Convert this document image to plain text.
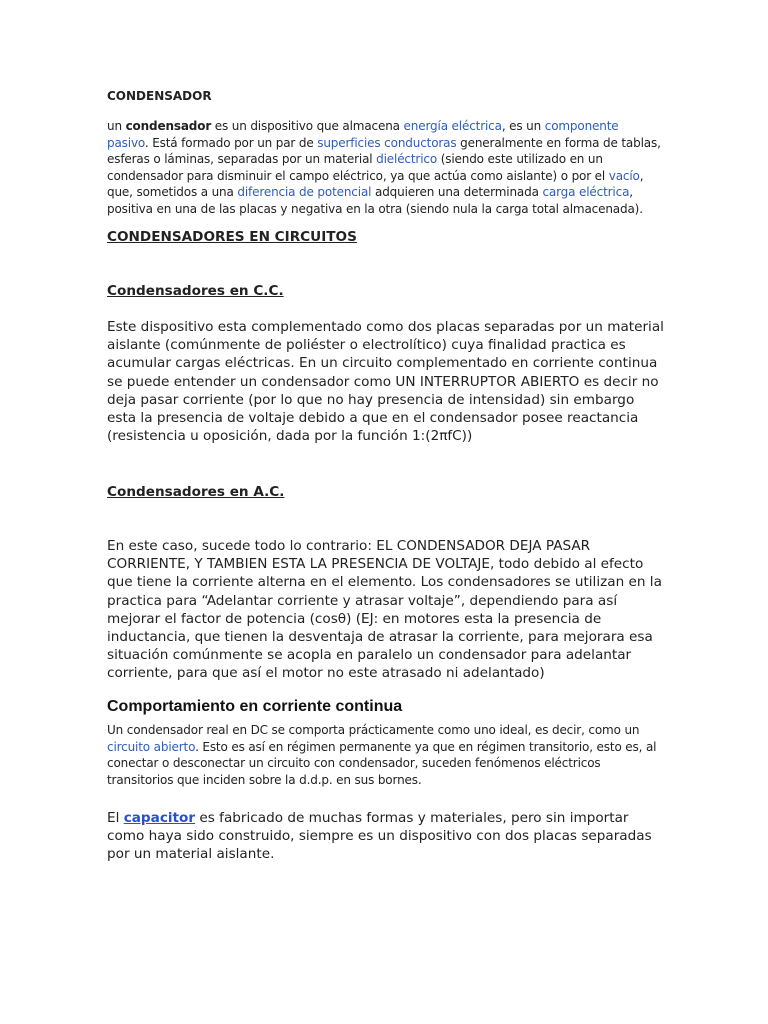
CONDENSADOR

un condensador es un dispositivo que almacena energía eléctrica, es un componente pasivo. Está formado por un par de superficies conductoras generalmente en forma de tablas, esferas o láminas, separadas por un material dieléctrico (siendo este utilizado en un condensador para disminuir el campo eléctrico, ya que actúa como aislante) o por el vacío, que, sometidos a una diferencia de potencial adquieren una determinada carga eléctrica, positiva en una de las placas y negativa en la otra (siendo nula la carga total almacenada).

CONDENSADORES EN CIRCUITOS
Condensadores en C.C.

Este dispositivo esta complementado como dos placas separadas por un material aislante (comúnmente de poliéster o electrolítico) cuya finalidad practica es acumular cargas eléctricas. En un circuito complementado en corriente continua se puede entender un condensador como UN INTERRUPTOR ABIERTO es decir no deja pasar corriente (por lo que no hay presencia de intensidad) sin embargo esta la presencia de voltaje debido a que en el condensador posee reactancia (resistencia u oposición, dada por la función 1:(2πfC))

Condensadores en A.C.

En este caso, sucede todo lo contrario: EL CONDENSADOR DEJA PASAR CORRIENTE, Y TAMBIEN ESTA LA PRESENCIA DE VOLTAJE, todo debido al efecto que tiene la corriente alterna en el elemento. Los condensadores se utilizan en la practica para “Adelantar corriente y atrasar voltaje”, dependiendo para así mejorar el factor de potencia (cosθ) (EJ: en motores esta la presencia de inductancia, que tienen la desventaja de atrasar la corriente, para mejorara esa situación comúnmente se acopla en paralelo un condensador para adelantar corriente, para que así el motor no este atrasado ni adelantado)

Comportamiento en corriente continua

Un condensador real en DC se comporta prácticamente como uno ideal, es decir, como un circuito abierto. Esto es así en régimen permanente ya que en régimen transitorio, esto es, al conectar o desconectar un circuito con condensador, suceden fenómenos eléctricos transitorios que inciden sobre la d.d.p. en sus bornes.

El capacitor es fabricado de muchas formas y materiales, pero sin importar como haya sido construido, siempre es un dispositivo con dos placas separadas por un material aislante.
